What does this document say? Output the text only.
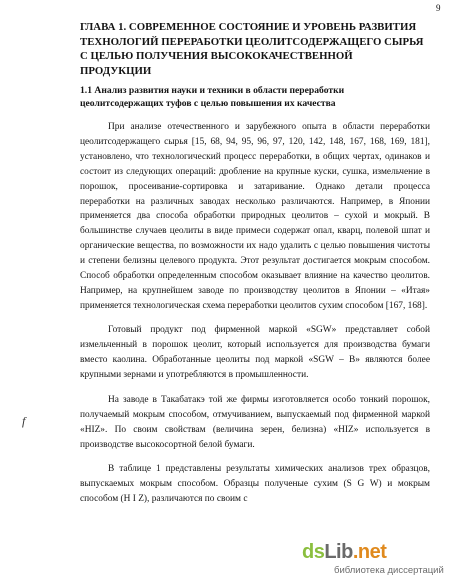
9
ГЛАВА 1. СОВРЕМЕННОЕ СОСТОЯНИЕ И УРОВЕНЬ РАЗВИТИЯ ТЕХНОЛОГИЙ ПЕРЕРАБОТКИ ЦЕОЛИТСОДЕРЖАЩЕГО СЫРЬЯ С ЦЕЛЬЮ ПОЛУЧЕНИЯ ВЫСОКОКАЧЕСТВЕННОЙ ПРОДУКЦИИ
1.1 Анализ развития науки и техники в области переработки цеолитсодержащих туфов с целью повышения их качества

При анализе отечественного и зарубежного опыта в области переработки цеолитсодержащего сырья [15, 68, 94, 95, 96, 97, 120, 142, 148, 167, 168, 169, 181], установлено, что технологический процесс переработки, в общих чертах, одинаков и состоит из следующих операций: дробление на крупные куски, сушка, измельчение в порошок, просеивание-сортировка и затаривание. Однако детали процесса переработки на различных заводах несколько различаются. Например, в Японии применяется два способа обработки природных цеолитов – сухой и мокрый. В большинстве случаев цеолиты в виде примеси содержат опал, кварц, полевой шпат и органические вещества, по возможности их надо удалить с целью повышения чистоты и степени белизны целевого продукта. Этот результат достигается мокрым способом. Способ обработки определенным способом оказывает влияние на качество цеолитов. Например, на крупнейшем заводе по производству цеолитов в Японии – «Итая» применяется технологическая схема переработки цеолитов сухим способом [167, 168].

Готовый продукт под фирменной маркой «SGW» представляет собой измельченный в порошок цеолит, который используется для производства бумаги вместо каолина. Обработанные цеолиты под маркой «SGW – B» являются более крупными зернами и употребляются в промышленности.

На заводе в Такабатакэ той же фирмы изготовляется особо тонкий порошок, получаемый мокрым способом, отмучиванием, выпускаемый под фирменной маркой «HIZ». По своим свойствам (величина зерен, белизна) «HIZ» используется в производстве высокосортной белой бумаги.

В таблице 1 представлены результаты химических анализов трех образцов, выпускаемых мокрым способом. Образцы полученые сухим (S G W) и мокрым способом (H I Z), различаются по своим с

f
dsLib.net
библиотека диссертаций
